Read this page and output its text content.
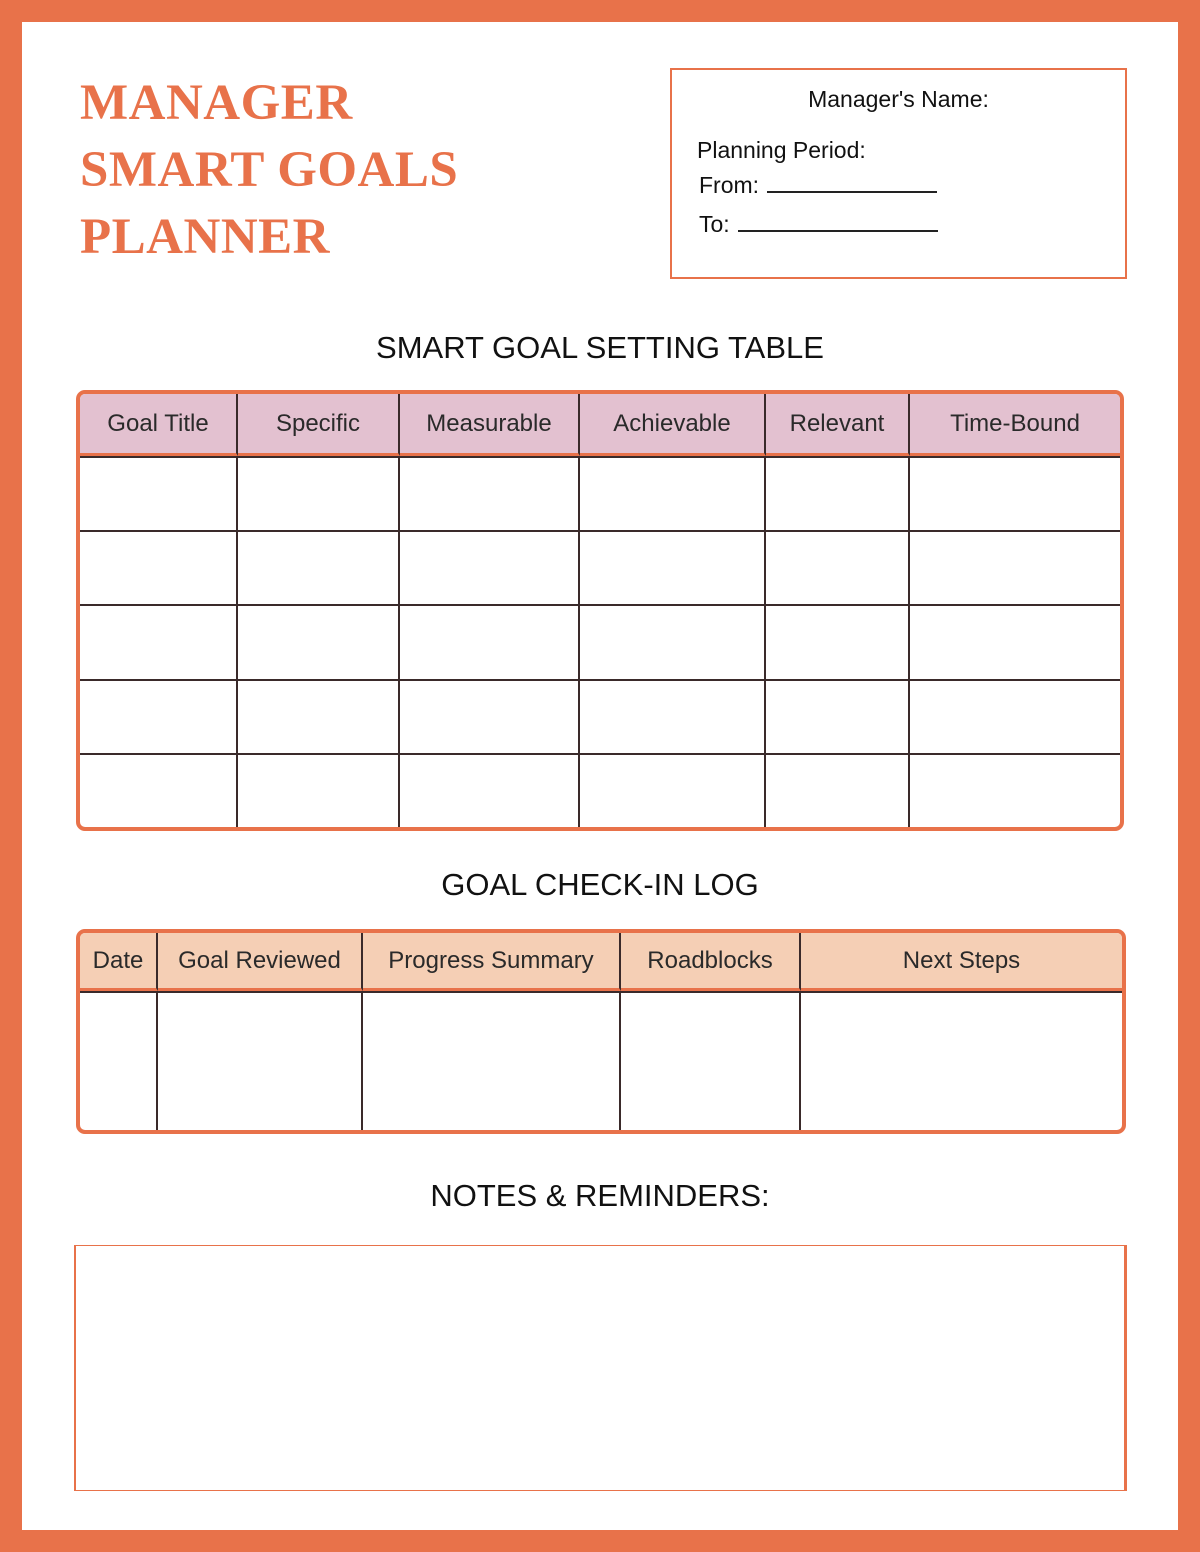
MANAGER
SMART GOALS
PLANNER
Manager's Name:
Planning Period:
From:
To:
SMART GOAL SETTING TABLE
Goal Title	Specific	Measurable	Achievable	Relevant	Time-Bound

GOAL CHECK-IN LOG
Date	Goal Reviewed	Progress Summary	Roadblocks	Next Steps

NOTES & REMINDERS:
